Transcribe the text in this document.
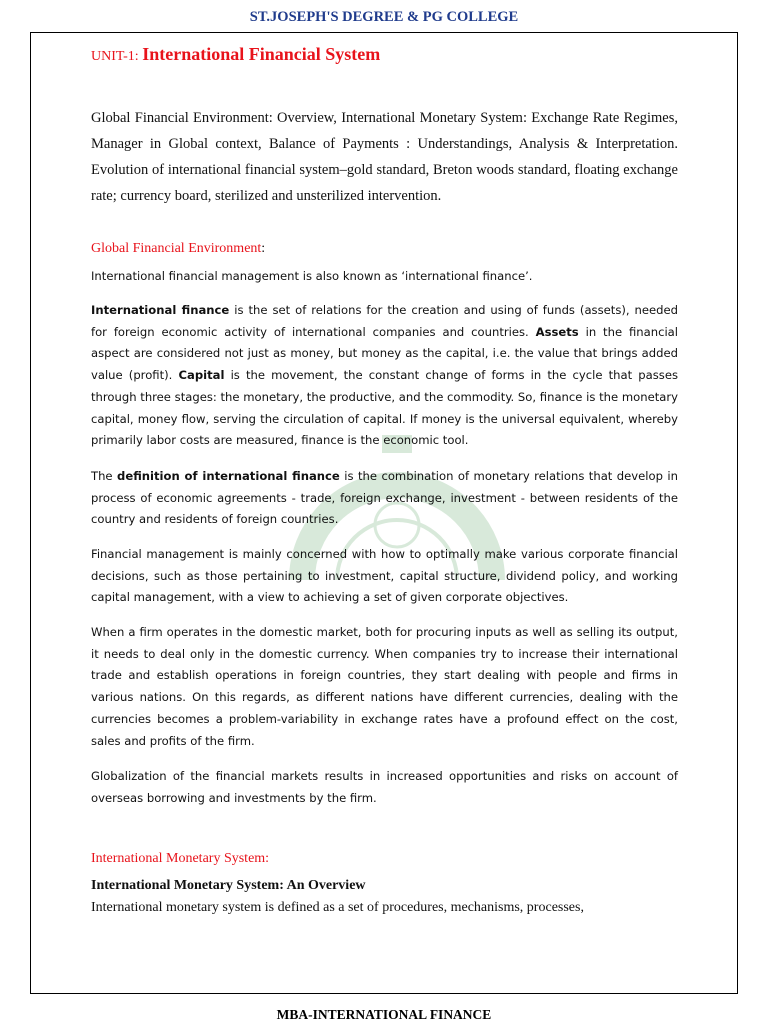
ST.JOSEPH'S DEGREE & PG COLLEGE
UNIT-1: International Financial System

Global Financial Environment: Overview, International Monetary System: Exchange Rate Regimes, Manager in Global context, Balance of Payments : Understandings, Analysis & Interpretation. Evolution of international financial system–gold standard, Breton woods standard, floating exchange rate; currency board, sterilized and unsterilized intervention.

Global Financial Environment:

International financial management is also known as ‘international finance’.

International finance is the set of relations for the creation and using of funds (assets), needed for foreign economic activity of international companies and countries. Assets in the financial aspect are considered not just as money, but money as the capital, i.e. the value that brings added value (profit). Capital is the movement, the constant change of forms in the cycle that passes through three stages: the monetary, the productive, and the commodity. So, finance is the monetary capital, money flow, serving the circulation of capital. If money is the universal equivalent, whereby primarily labor costs are measured, finance is the economic tool.

The definition of international finance is the combination of monetary relations that develop in process of economic agreements - trade, foreign exchange, investment - between residents of the country and residents of foreign countries.

Financial management is mainly concerned with how to optimally make various corporate financial decisions, such as those pertaining to investment, capital structure, dividend policy, and working capital management, with a view to achieving a set of given corporate objectives.

When a firm operates in the domestic market, both for procuring inputs as well as selling its output, it needs to deal only in the domestic currency. When companies try to increase their international trade and establish operations in foreign countries, they start dealing with people and firms in various nations. On this regards, as different nations have different currencies, dealing with the currencies becomes a problem-variability in exchange rates have a profound effect on the cost, sales and profits of the firm.

Globalization of the financial markets results in increased opportunities and risks on account of overseas borrowing and investments by the firm.

International Monetary System:
International Monetary System: An Overview
International monetary system is defined as a set of procedures, mechanisms, processes,
MBA-INTERNATIONAL FINANCE
